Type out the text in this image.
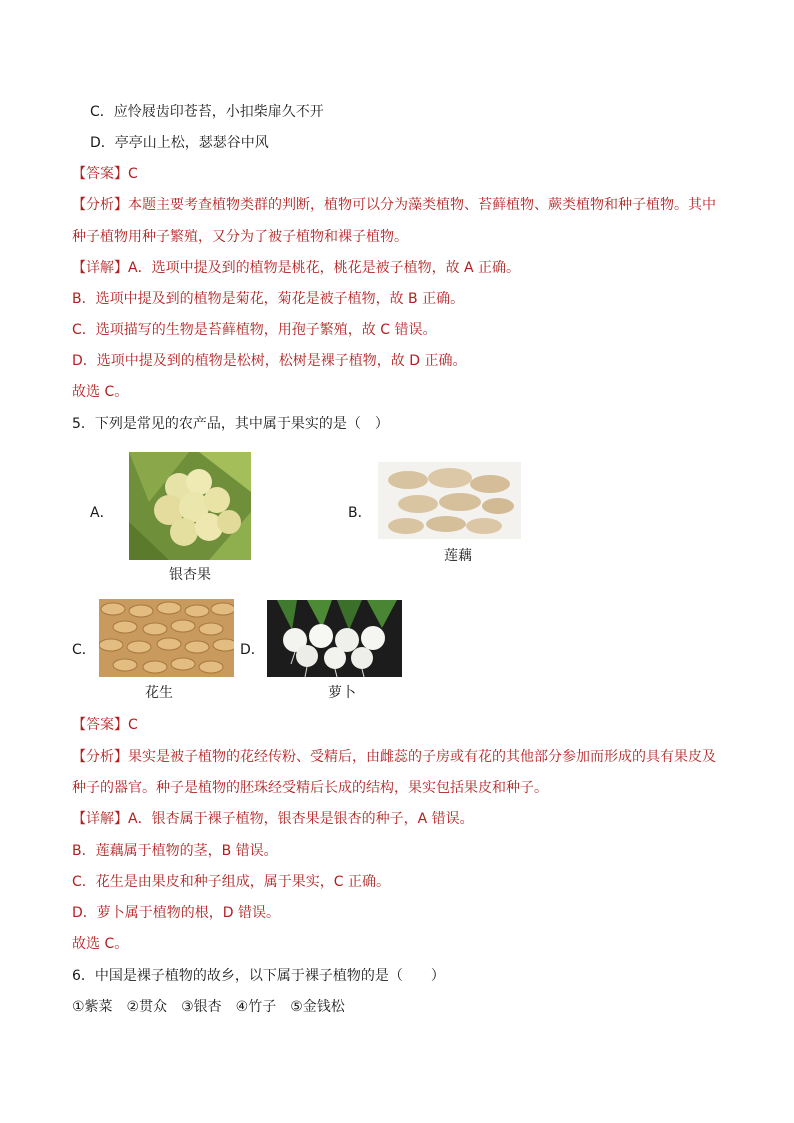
C．应怜屐齿印苍苔，小扣柴扉久不开
D．亭亭山上松，瑟瑟谷中风
【答案】C
【分析】本题主要考查植物类群的判断，植物可以分为藻类植物、苔藓植物、蕨类植物和种子植物。其中
种子植物用种子繁殖，又分为了被子植物和裸子植物。
【详解】A．选项中提及到的植物是桃花，桃花是被子植物，故 A 正确。
B．选项中提及到的植物是菊花，菊花是被子植物，故 B 正确。
C．选项描写的生物是苔藓植物，用孢子繁殖，故 C 错误。
D．选项中提及到的植物是松树，松树是裸子植物，故 D 正确。
故选 C。
5．下列是常见的农产品，其中属于果实的是（　）
A．
银杏果
B．
莲藕
C．
花生
D．
萝卜
【答案】C
【分析】果实是被子植物的花经传粉、受精后，由雌蕊的子房或有花的其他部分参加而形成的具有果皮及
种子的器官。种子是植物的胚珠经受精后长成的结构，果实包括果皮和种子。
【详解】A．银杏属于裸子植物，银杏果是银杏的种子，A 错误。
B．莲藕属于植物的茎，B 错误。
C．花生是由果皮和种子组成，属于果实，C 正确。
D．萝卜属于植物的根，D 错误。
故选 C。
6．中国是裸子植物的故乡，以下属于裸子植物的是（　　）
①紫菜　②贯众　③银杏　④竹子　⑤金钱松
